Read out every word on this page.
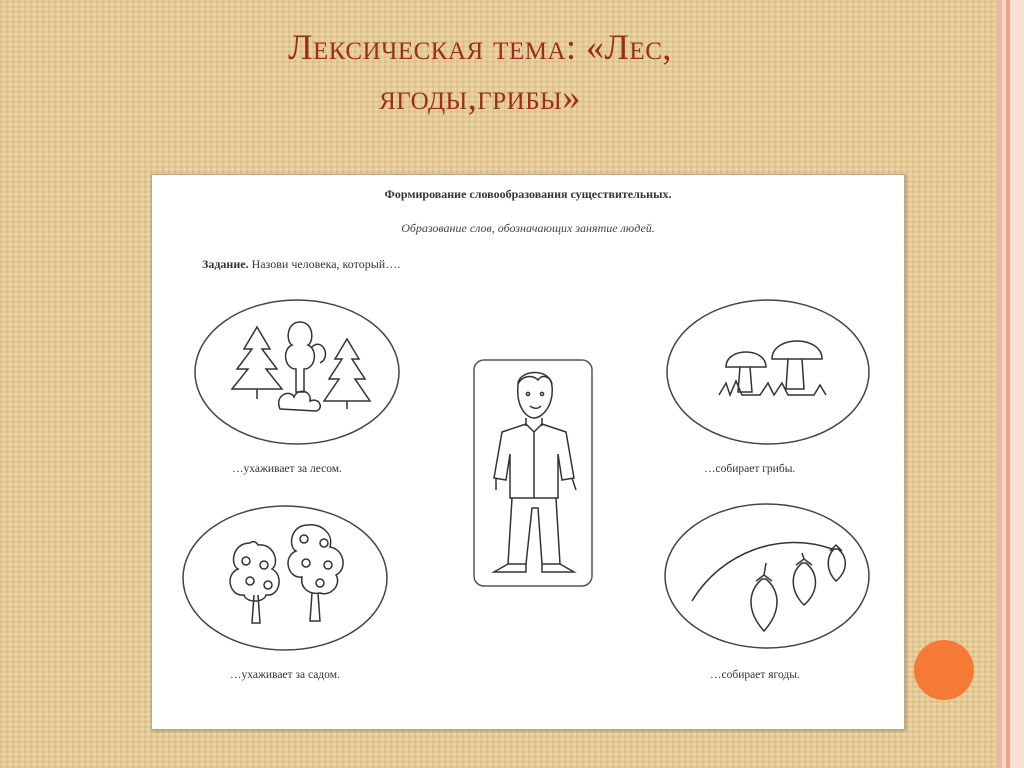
Лексическая тема: «Лес,
ягоды,грибы»
Формирование словообразования существительных.
Образование слов, обозначающих занятие людей.
Задание. Назови человека, который….
…ухаживает за лесом.	…собирает грибы.
…ухаживает за садом.	…собирает ягоды.
